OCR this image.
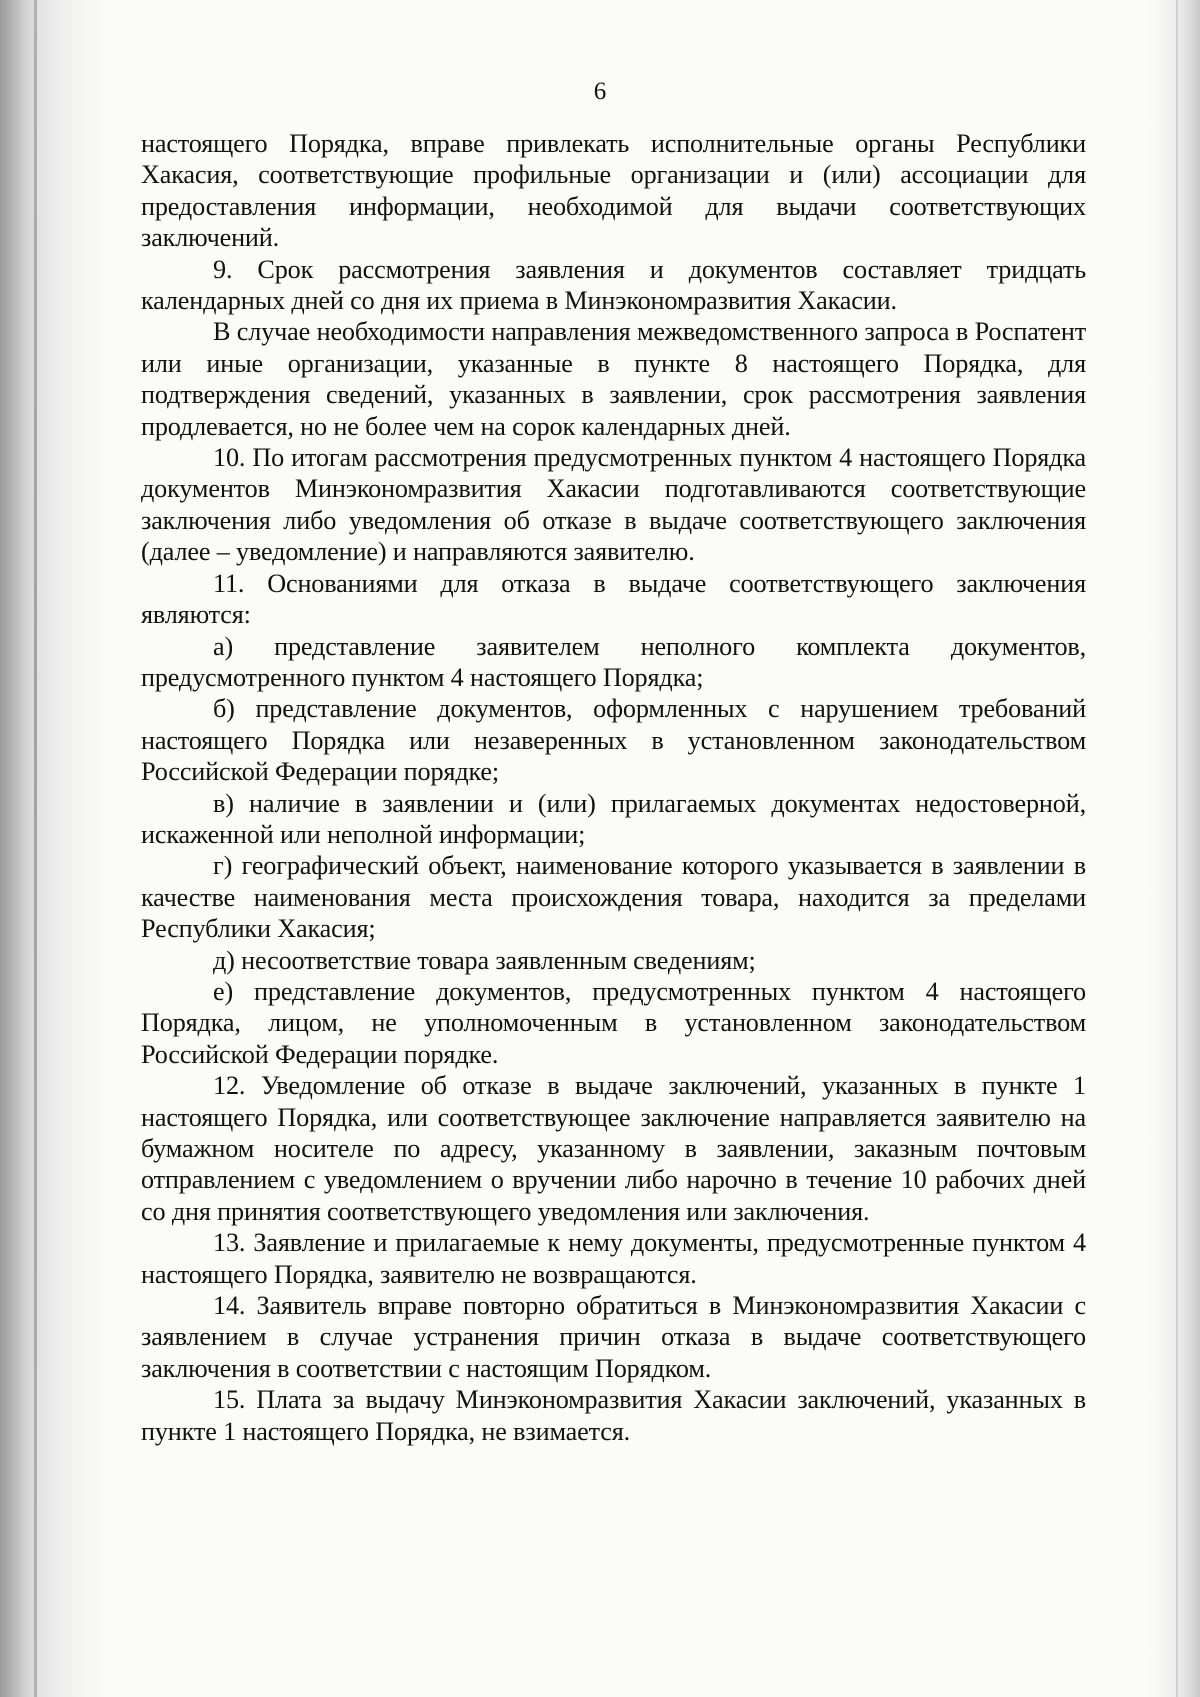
6

настоящего Порядка, вправе привлекать исполнительные органы Республики Хакасия, соответствующие профильные организации и (или) ассоциации для предоставления информации, необходимой для выдачи соответствующих заключений.

9. Срок рассмотрения заявления и документов составляет тридцать календарных дней со дня их приема в Минэкономразвития Хакасии.

В случае необходимости направления межведомственного запроса в Роспатент или иные организации, указанные в пункте 8 настоящего Порядка, для подтверждения сведений, указанных в заявлении, срок рассмотрения заявления продлевается, но не более чем на сорок календарных дней.

10. По итогам рассмотрения предусмотренных пунктом 4 настоящего Порядка документов Минэкономразвития Хакасии подготавливаются соответствующие заключения либо уведомления об отказе в выдаче соответствующего заключения (далее – уведомление) и направляются заявителю.

11. Основаниями для отказа в выдаче соответствующего заключения являются:

а) представление заявителем неполного комплекта документов, предусмотренного пунктом 4 настоящего Порядка;

б) представление документов, оформленных с нарушением требований настоящего Порядка или незаверенных в установленном законодательством Российской Федерации порядке;

в) наличие в заявлении и (или) прилагаемых документах недостоверной, искаженной или неполной информации;

г) географический объект, наименование которого указывается в заявлении в качестве наименования места происхождения товара, находится за пределами Республики Хакасия;

д) несоответствие товара заявленным сведениям;

е) представление документов, предусмотренных пунктом 4 настоящего Порядка, лицом, не уполномоченным в установленном законодательством Российской Федерации порядке.

12. Уведомление об отказе в выдаче заключений, указанных в пункте 1 настоящего Порядка, или соответствующее заключение направляется заявителю на бумажном носителе по адресу, указанному в заявлении, заказным почтовым отправлением с уведомлением о вручении либо нарочно в течение 10 рабочих дней со дня принятия соответствующего уведомления или заключения.

13. Заявление и прилагаемые к нему документы, предусмотренные пунктом 4 настоящего Порядка, заявителю не возвращаются.

14. Заявитель вправе повторно обратиться в Минэкономразвития Хакасии с заявлением в случае устранения причин отказа в выдаче соответствующего заключения в соответствии с настоящим Порядком.

15. Плата за выдачу Минэкономразвития Хакасии заключений, указанных в пункте 1 настоящего Порядка, не взимается.
